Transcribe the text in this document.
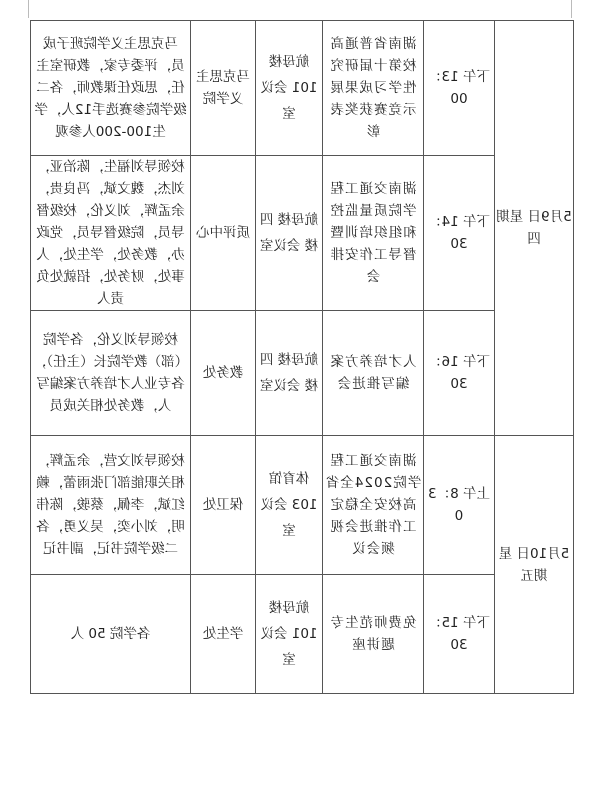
5月9日 星期四	下午 13：00	湖南省普通高校第十届研究性学习成果展示竞赛获奖表彰	航母楼 101 会议室	马克思主义学院	马克思主义学院班子成员，评委专家，教研室主任，思政任课教师，各二级学院参赛选手12人，学生100-200人参观

	下午 14：30	湖南交通工程学院质量监控和组织培训暨督导工作安排会	航母楼 四楼 会议室	质评中心	校领导刘福生，陈治亚，刘杰，魏文斌，冯良贵，余孟辉，刘义伦，校级督导员，院级督导员，党政办，教务处，学生处，人事处，财务处，招就处负责人

	下午 16：30	人才培养方案编写推进会	航母楼 四楼 会议室	教务处	校领导刘义伦，各学院（部）教学院长（主任），各专业人才培养方案编写人，教务处相关成员

5月10日 星期五	上午 8：30	湖南交通工程学院2024全省高校安全稳定工作推进会视频会议	体育馆 103 会议室	保卫处	校领导刘文营，余孟辉，相关职能部门张雨蕾，赖红斌，李佩，蔡骏，陈伟明，刘小奕，吴义勇，各二级学院书记，副书记

	下午 15：30	免费师范生专题讲座	航母楼 101 会议室	学生处	各学院 50 人
